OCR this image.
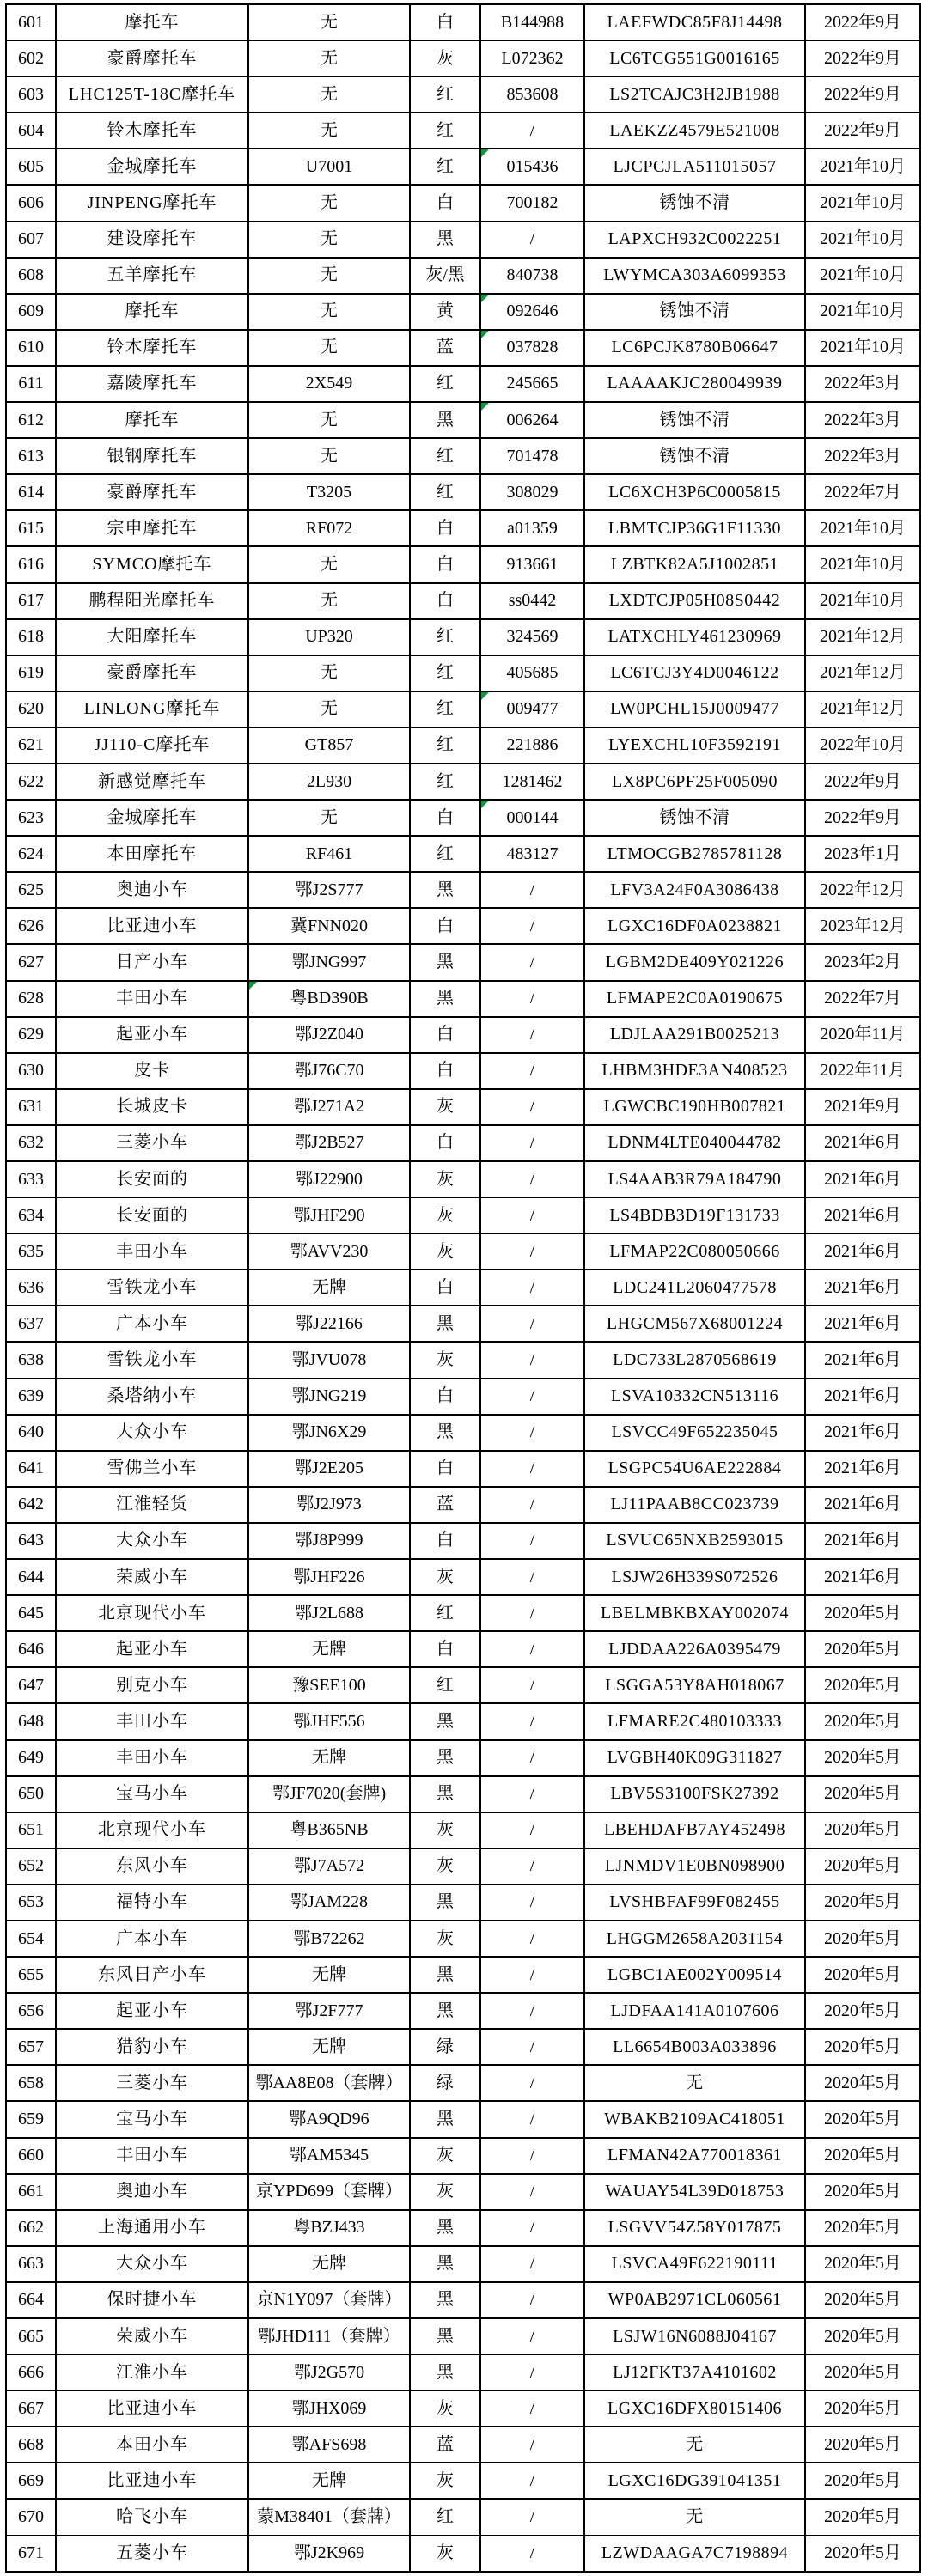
601	摩托车	无	白	B144988	LAEFWDC85F8J14498	2022年9月
602	豪爵摩托车	无	灰	L072362	LC6TCG551G0016165	2022年9月
603	LHC125T-18C摩托车	无	红	853608	LS2TCAJC3H2JB1988	2022年9月
604	铃木摩托车	无	红	/	LAEKZZ4579E521008	2022年9月
605	金城摩托车	U7001	红	015436	LJCPCJLA511015057	2021年10月
606	JINPENG摩托车	无	白	700182	锈蚀不清	2021年10月
607	建设摩托车	无	黑	/	LAPXCH932C0022251	2021年10月
608	五羊摩托车	无	灰/黑	840738	LWYMCA303A6099353	2021年10月
609	摩托车	无	黄	092646	锈蚀不清	2021年10月
610	铃木摩托车	无	蓝	037828	LC6PCJK8780B06647	2021年10月
611	嘉陵摩托车	2X549	红	245665	LAAAAKJC280049939	2022年3月
612	摩托车	无	黑	006264	锈蚀不清	2022年3月
613	银钢摩托车	无	红	701478	锈蚀不清	2022年3月
614	豪爵摩托车	T3205	红	308029	LC6XCH3P6C0005815	2022年7月
615	宗申摩托车	RF072	白	a01359	LBMTCJP36G1F11330	2021年10月
616	SYMCO摩托车	无	白	913661	LZBTK82A5J1002851	2021年10月
617	鹏程阳光摩托车	无	白	ss0442	LXDTCJP05H08S0442	2021年10月
618	大阳摩托车	UP320	红	324569	LATXCHLY461230969	2021年12月
619	豪爵摩托车	无	红	405685	LC6TCJ3Y4D0046122	2021年12月
620	LINLONG摩托车	无	红	009477	LW0PCHL15J0009477	2021年12月
621	JJ110-C摩托车	GT857	红	221886	LYEXCHL10F3592191	2022年10月
622	新感觉摩托车	2L930	红	1281462	LX8PC6PF25F005090	2022年9月
623	金城摩托车	无	白	000144	锈蚀不清	2022年9月
624	本田摩托车	RF461	红	483127	LTMOCGB2785781128	2023年1月
625	奥迪小车	鄂J2S777	黑	/	LFV3A24F0A3086438	2022年12月
626	比亚迪小车	冀FNN020	白	/	LGXC16DF0A0238821	2023年12月
627	日产小车	鄂JNG997	黑	/	LGBM2DE409Y021226	2023年2月
628	丰田小车	粤BD390B	黑	/	LFMAPE2C0A0190675	2022年7月
629	起亚小车	鄂J2Z040	白	/	LDJLAA291B0025213	2020年11月
630	皮卡	鄂J76C70	白	/	LHBM3HDE3AN408523	2022年11月
631	长城皮卡	鄂J271A2	灰	/	LGWCBC190HB007821	2021年9月
632	三菱小车	鄂J2B527	白	/	LDNM4LTE040044782	2021年6月
633	长安面的	鄂J22900	灰	/	LS4AAB3R79A184790	2021年6月
634	长安面的	鄂JHF290	灰	/	LS4BDB3D19F131733	2021年6月
635	丰田小车	鄂AVV230	灰	/	LFMAP22C080050666	2021年6月
636	雪铁龙小车	无牌	白	/	LDC241L2060477578	2021年6月
637	广本小车	鄂J22166	黑	/	LHGCM567X68001224	2021年6月
638	雪铁龙小车	鄂JVU078	灰	/	LDC733L2870568619	2021年6月
639	桑塔纳小车	鄂JNG219	白	/	LSVA10332CN513116	2021年6月
640	大众小车	鄂JN6X29	黑	/	LSVCC49F652235045	2021年6月
641	雪佛兰小车	鄂J2E205	白	/	LSGPC54U6AE222884	2021年6月
642	江淮轻货	鄂J2J973	蓝	/	LJ11PAAB8CC023739	2021年6月
643	大众小车	鄂J8P999	白	/	LSVUC65NXB2593015	2021年6月
644	荣威小车	鄂JHF226	灰	/	LSJW26H339S072526	2021年6月
645	北京现代小车	鄂J2L688	红	/	LBELMBKBXAY002074	2020年5月
646	起亚小车	无牌	白	/	LJDDAA226A0395479	2020年5月
647	别克小车	豫SEE100	红	/	LSGGA53Y8AH018067	2020年5月
648	丰田小车	鄂JHF556	黑	/	LFMARE2C480103333	2020年5月
649	丰田小车	无牌	黑	/	LVGBH40K09G311827	2020年5月
650	宝马小车	鄂JF7020(套牌)	黑	/	LBV5S3100FSK27392	2020年5月
651	北京现代小车	粤B365NB	灰	/	LBEHDAFB7AY452498	2020年5月
652	东风小车	鄂J7A572	灰	/	LJNMDV1E0BN098900	2020年5月
653	福特小车	鄂JAM228	黑	/	LVSHBFAF99F082455	2020年5月
654	广本小车	鄂B72262	灰	/	LHGGM2658A2031154	2020年5月
655	东风日产小车	无牌	黑	/	LGBC1AE002Y009514	2020年5月
656	起亚小车	鄂J2F777	黑	/	LJDFAA141A0107606	2020年5月
657	猎豹小车	无牌	绿	/	LL6654B003A033896	2020年5月
658	三菱小车	鄂AA8E08（套牌）	绿	/	无	2020年5月
659	宝马小车	鄂A9QD96	黑	/	WBAKB2109AC418051	2020年5月
660	丰田小车	鄂AM5345	灰	/	LFMAN42A770018361	2020年5月
661	奥迪小车	京YPD699（套牌）	灰	/	WAUAY54L39D018753	2020年5月
662	上海通用小车	粤BZJ433	黑	/	LSGVV54Z58Y017875	2020年5月
663	大众小车	无牌	黑	/	LSVCA49F622190111	2020年5月
664	保时捷小车	京N1Y097（套牌）	黑	/	WP0AB2971CL060561	2020年5月
665	荣威小车	鄂JHD111（套牌）	黑	/	LSJW16N6088J04167	2020年5月
666	江淮小车	鄂J2G570	黑	/	LJ12FKT37A4101602	2020年5月
667	比亚迪小车	鄂JHX069	灰	/	LGXC16DFX80151406	2020年5月
668	本田小车	鄂AFS698	蓝	/	无	2020年5月
669	比亚迪小车	无牌	灰	/	LGXC16DG391041351	2020年5月
670	哈飞小车	蒙M38401（套牌）	红	/	无	2020年5月
671	五菱小车	鄂J2K969	灰	/	LZWDAAGA7C7198894	2020年5月
